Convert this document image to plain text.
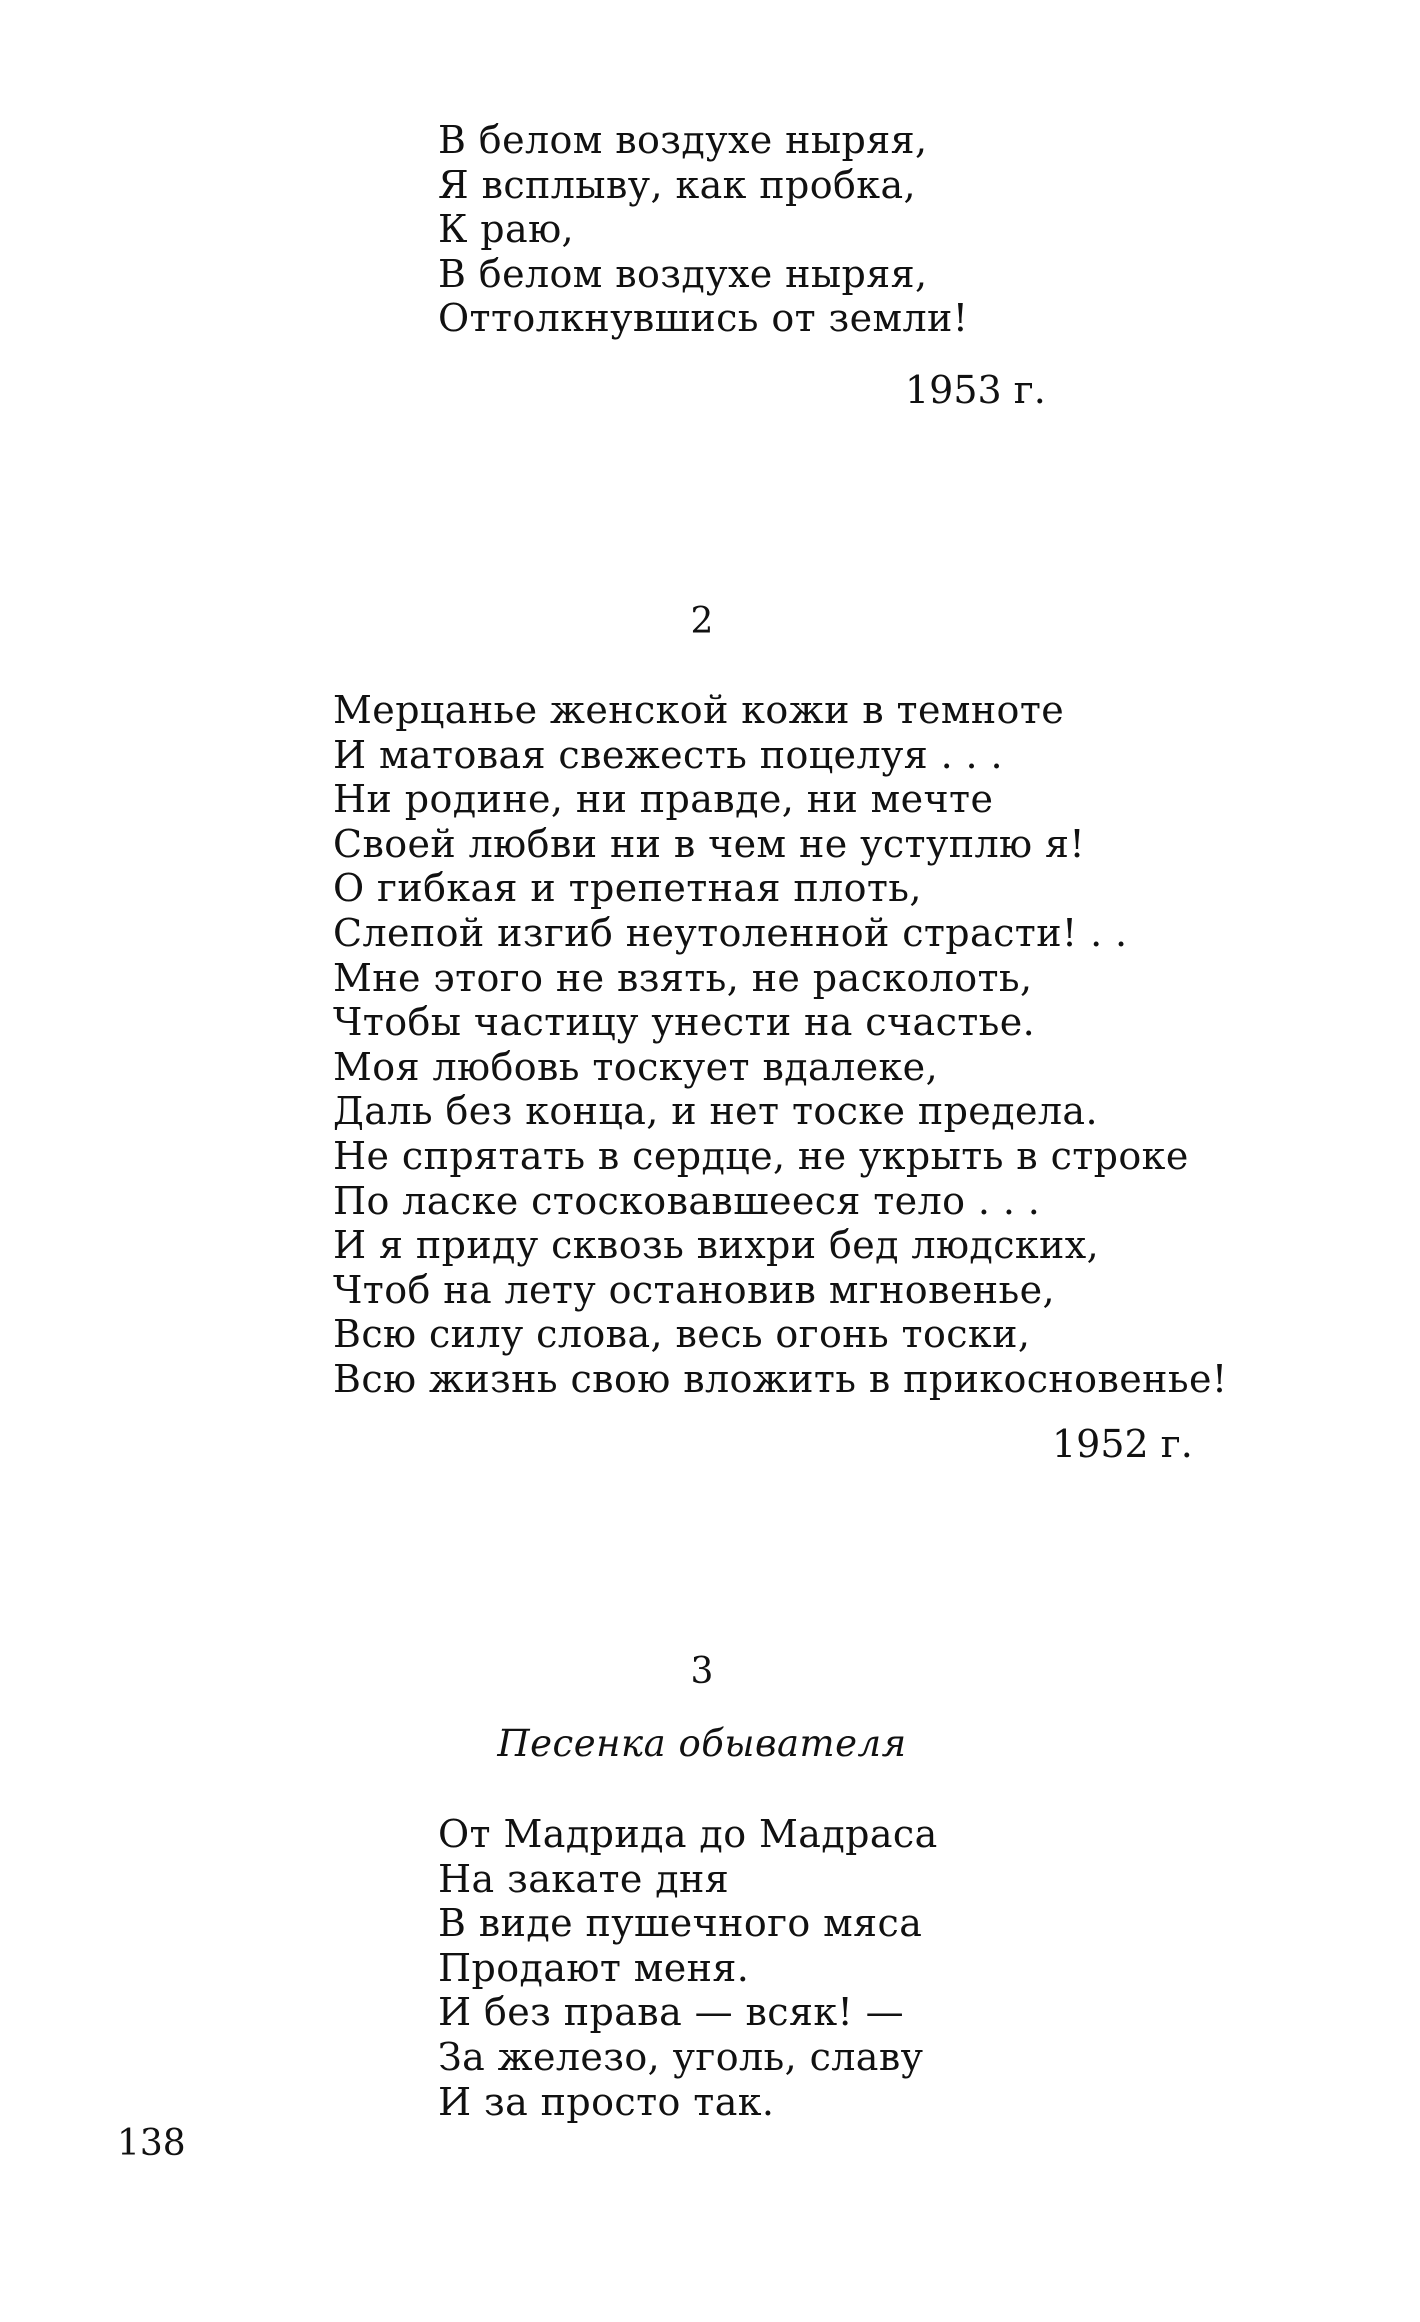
В белом воздухе ныряя,
Я всплыву, как пробка,
К раю,
В белом воздухе ныряя,
Оттолкнувшись от земли!
1953 г.
2
Мерцанье женской кожи в темноте
И матовая свежесть поцелуя . . .
Ни родине, ни правде, ни мечте
Своей любви ни в чем не уступлю я!
О гибкая и трепетная плоть,
Слепой изгиб неутоленной страсти! . .
Мне этого не взять, не расколоть,
Чтобы частицу унести на счастье.
Моя любовь тоскует вдалеке,
Даль без конца, и нет тоске предела.
Не спрятать в сердце, не укрыть в строке
По ласке стосковавшееся тело . . .
И я приду сквозь вихри бед людских,
Чтоб на лету остановив мгновенье,
Всю силу слова, весь огонь тоски,
Всю жизнь свою вложить в прикосновенье!
1952 г.
3
Песенка обывателя
От Мадрида до Мадраса
На закате дня
В виде пушечного мяса
Продают меня.
И без права — всяк! —
За железо, уголь, славу
И за просто так.
138
